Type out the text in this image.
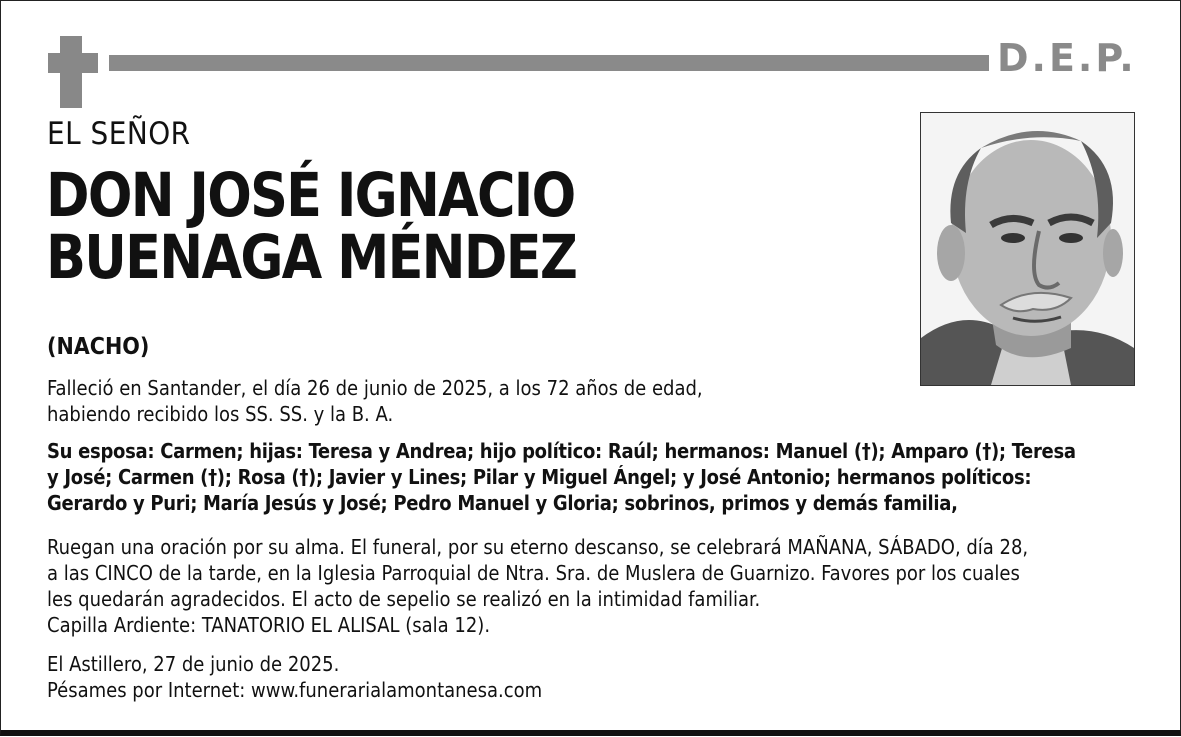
D.E.P.
EL SEÑOR
DON JOSÉ IGNACIO
BUENAGA MÉNDEZ
(NACHO)
Falleció en Santander, el día 26 de junio de 2025, a los 72 años de edad,
habiendo recibido los SS. SS. y la B. A.
Su esposa: Carmen; hijas: Teresa y Andrea; hijo político: Raúl; hermanos: Manuel (†); Amparo (†); Teresa
y José; Carmen (†); Rosa (†); Javier y Lines; Pilar y Miguel Ángel; y José Antonio; hermanos políticos:
Gerardo y Puri; María Jesús y José; Pedro Manuel y Gloria; sobrinos, primos y demás familia,
Ruegan una oración por su alma. El funeral, por su eterno descanso, se celebrará MAÑANA, SÁBADO, día 28,
a las CINCO de la tarde, en la Iglesia Parroquial de Ntra. Sra. de Muslera de Guarnizo. Favores por los cuales
les quedarán agradecidos. El acto de sepelio se realizó en la intimidad familiar.
Capilla Ardiente: TANATORIO EL ALISAL (sala 12).
El Astillero, 27 de junio de 2025.
Pésames por Internet: www.funerarialamontanesa.com
